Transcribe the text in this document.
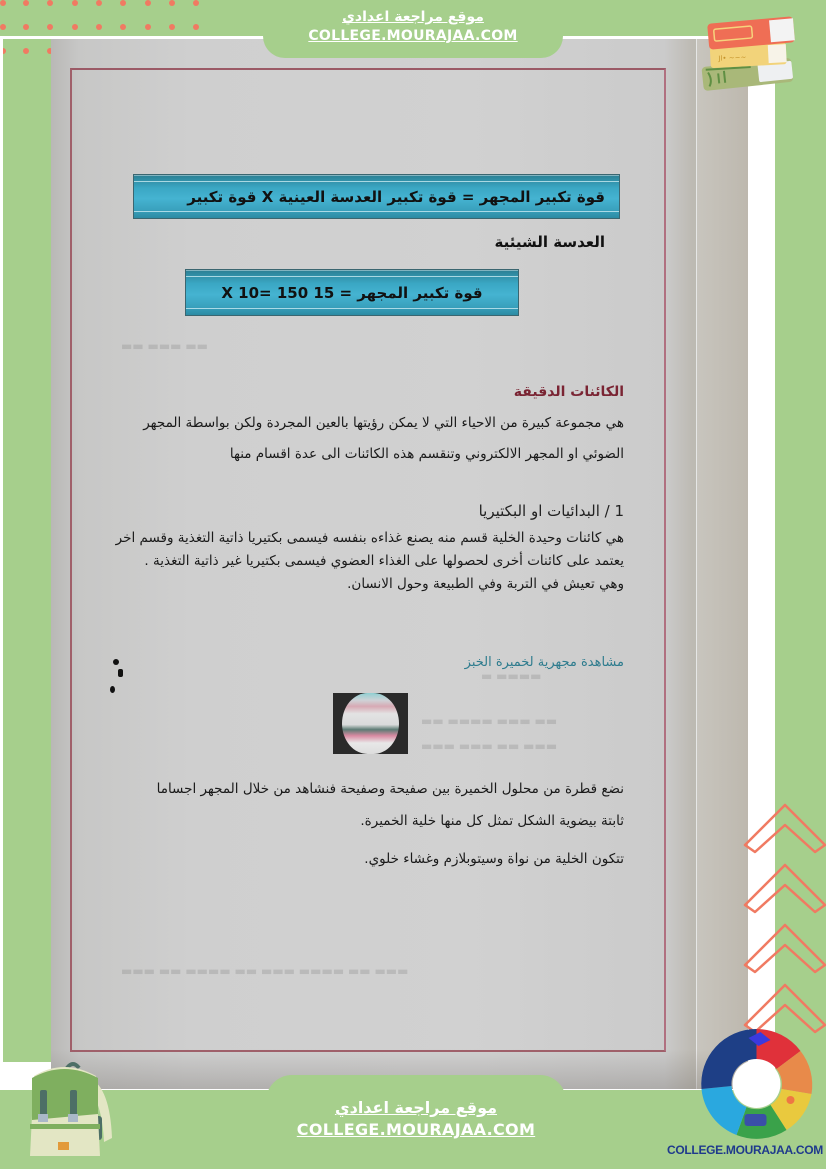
قوة تكبير المجهر = قوة تكبير العدسة العينية X قوة تكبير العدسة الشيئية
قوة تكبير المجهر = 15 150 =10 X
▬▬ ▬▬▬ ▬▬
▬▬▬▬ ▬
▬▬ ▬▬▬ ▬▬▬▬ ▬▬
▬▬▬ ▬▬ ▬▬▬ ▬▬▬
▬▬▬ ▬▬ ▬▬▬▬ ▬▬▬ ▬▬ ▬▬▬▬ ▬▬ ▬▬▬
الكائنات الدقيقة
هي مجموعة كبيرة من الاحياء التي لا يمكن رؤيتها بالعين المجردة ولكن بواسطة المجهر
الضوئي او المجهر الالكتروني وتنقسم هذه الكائنات الى عدة اقسام منها
1 / البدائيات او البكتيريا
هي كائنات وحيدة الخلية قسم منه يصنع غذاءه بنفسه فيسمى بكتيريا ذاتية التغذية وقسم اخر
يعتمد على كائنات أخرى لحصولها على الغذاء العضوي فيسمى بكتيريا غير ذاتية التغذية .
وهي تعيش في التربة وفي الطبيعة وحول الانسان.
مشاهدة مجهرية لخميرة الخبز
نضع قطرة من محلول الخميرة بين صفيحة وصفيحة فنشاهد من خلال المجهر اجساما
ثابتة بيضوية الشكل تمثل كل منها خلية الخميرة.
تتكون الخلية من نواة وسيتوبلازم وغشاء خلوي.
موقع مراجعة اعدادي
COLLEGE.MOURAJAA.COM
Jl• ~~~
موقع مراجعة اعدادي
COLLEGE.MOURAJAA.COM
COLLEGE.MOURAJAA.COM
